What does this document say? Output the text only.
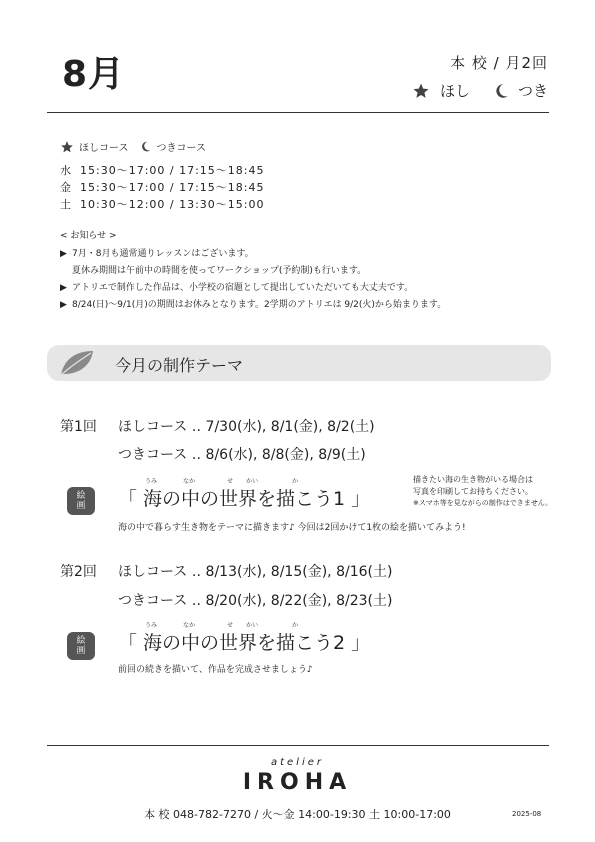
8月	本 校 / 月2回
ほし	つき
ほしコース	つきコース
水 15:30〜17:00 / 17:15〜18:45
金 15:30〜17:00 / 17:15〜18:45
土 10:30〜12:00 / 13:30〜15:00
< お知らせ >
▶ 7月・8月も通常通りレッスンはございます。
夏休み期間は午前中の時間を使ってワークショップ(予約制)も行います。
▶ アトリエで制作した作品は、小学校の宿題として提出していただいても大丈夫です。
▶ 8/24(日)〜9/1(月)の期間はお休みとなります。2学期のアトリエは 9/2(火)から始まります。
今月の制作テーマ
第1回 ほしコース ‥ 7/30(水), 8/1(金), 8/2(土)
つきコース ‥ 8/6(水), 8/8(金), 8/9(土)
絵
画
うみ	なか	せ かい	か
「 海の中の世界を描こう1 」
描きたい海の生き物がいる場合は
写真を印刷してお持ちください。
※スマホ等を見ながらの制作はできません。
海の中で暮らす生き物をテーマに描きます♪ 今回は2回かけて1枚の絵を描いてみよう!
第2回 ほしコース ‥ 8/13(水), 8/15(金), 8/16(土)
つきコース ‥ 8/20(水), 8/22(金), 8/23(土)
絵
画
うみ	なか	せ かい	か
「 海の中の世界を描こう2 」
前回の続きを描いて、作品を完成させましょう♪
atelier
IROHA
本 校 048-782-7270 / 火〜金 14:00-19:30 土 10:00-17:00	2025-08
